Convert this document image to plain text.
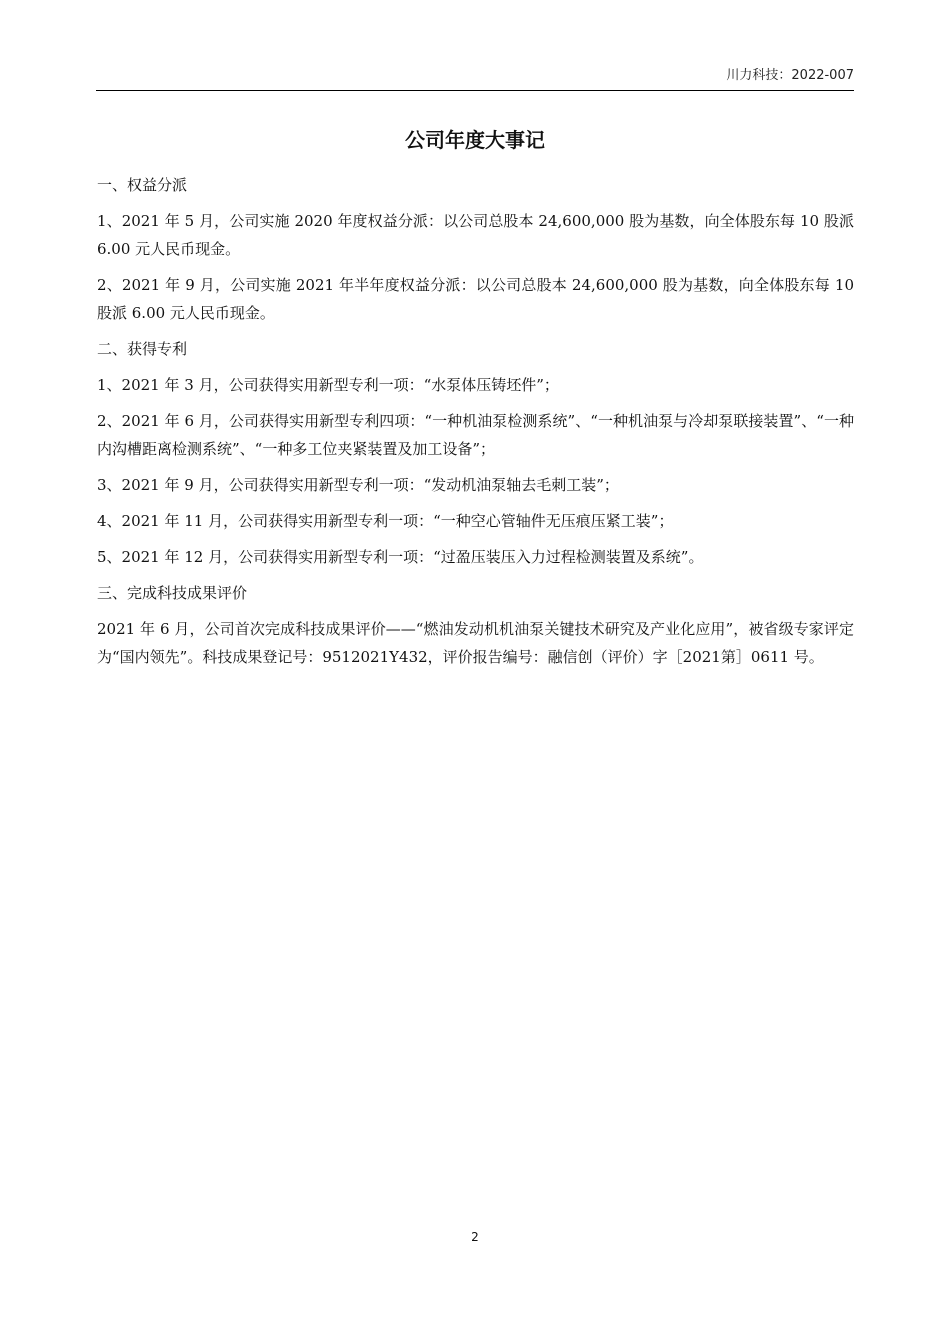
川力科技：2022-007
公司年度大事记

一、权益分派

1、2021 年 5 月，公司实施 2020 年度权益分派：以公司总股本 24,600,000 股为基数，向全体股东每 10 股派 6.00 元人民币现金。

2、2021 年 9 月，公司实施 2021 年半年度权益分派：以公司总股本 24,600,000 股为基数，向全体股东每 10 股派 6.00 元人民币现金。

二、获得专利

1、2021 年 3 月，公司获得实用新型专利一项：“水泵体压铸坯件”；

2、2021 年 6 月，公司获得实用新型专利四项：“一种机油泵检测系统”、“一种机油泵与冷却泵联接装置”、“一种内沟槽距离检测系统”、“一种多工位夹紧装置及加工设备”；

3、2021 年 9 月，公司获得实用新型专利一项：“发动机油泵轴去毛刺工装”；

4、2021 年 11 月，公司获得实用新型专利一项：“一种空心管轴件无压痕压紧工装”；

5、2021 年 12 月，公司获得实用新型专利一项：“过盈压装压入力过程检测装置及系统”。

三、完成科技成果评价

2021 年 6 月，公司首次完成科技成果评价——“燃油发动机机油泵关键技术研究及产业化应用”，被省级专家评定为“国内领先”。科技成果登记号：9512021Y432，评价报告编号：融信创（评价）字［2021第］0611 号。

2
